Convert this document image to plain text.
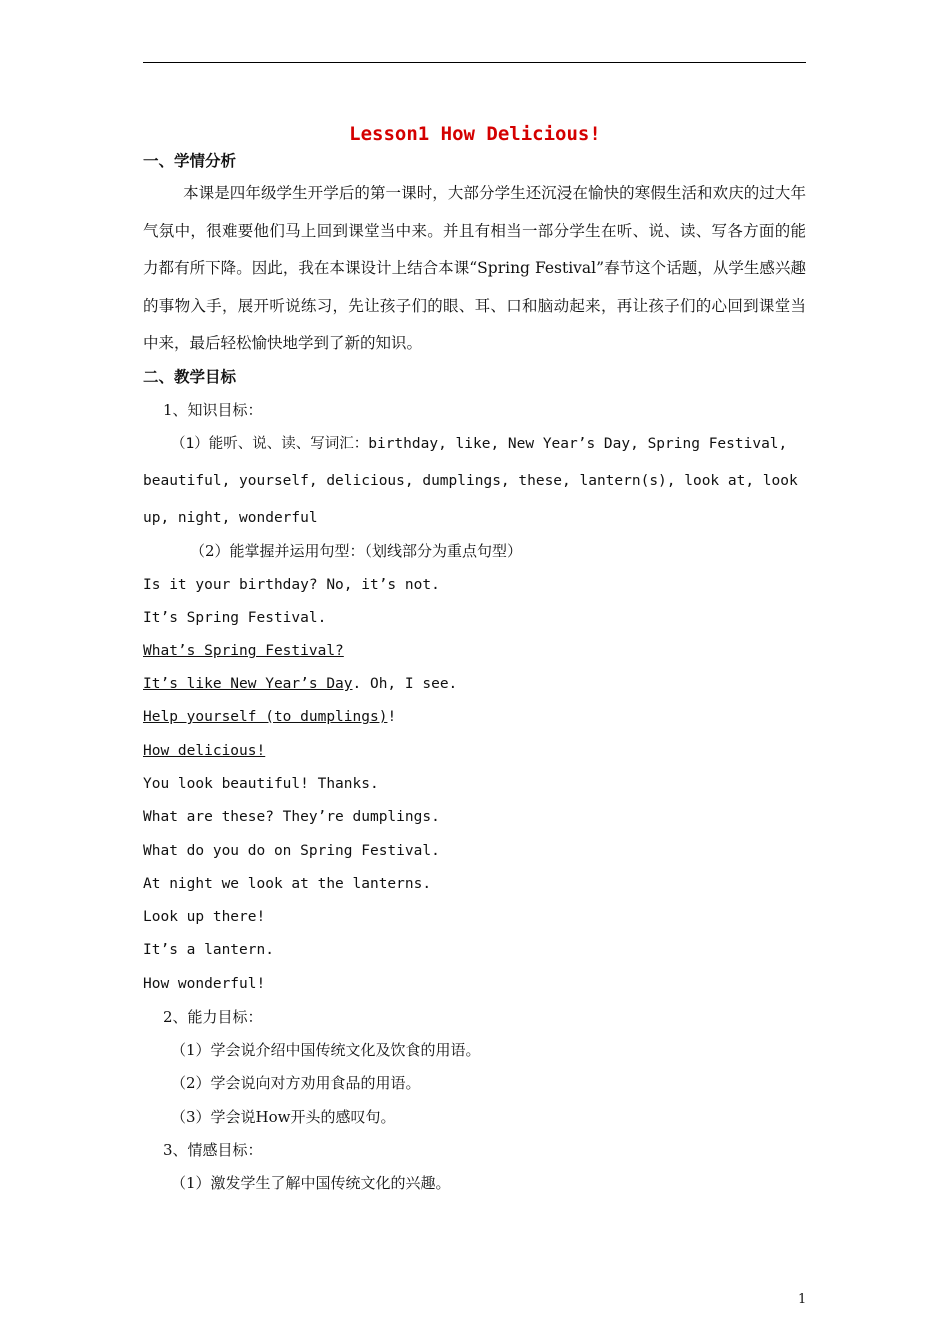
Lesson1 How Delicious!
一、学情分析
本课是四年级学生开学后的第一课时，大部分学生还沉浸在愉快的寒假生活和欢庆的过大年气氛中，很难要他们马上回到课堂当中来。并且有相当一部分学生在听、说、读、写各方面的能力都有所下降。因此，我在本课设计上结合本课“Spring Festival”春节这个话题，从学生感兴趣的事物入手，展开听说练习，先让孩子们的眼、耳、口和脑动起来，再让孩子们的心回到课堂当中来，最后轻松愉快地学到了新的知识。
二、教学目标
1、知识目标：
（1）能听、说、读、写词汇：birthday, like, New Year’s Day, Spring Festival,
beautiful, yourself, delicious, dumplings, these, lantern(s), look at, look
up, night, wonderful
（2）能掌握并运用句型：（划线部分为重点句型）
Is it your birthday? No, it’s not.
It’s Spring Festival.
What’s Spring Festival?
It’s like New Year’s Day. Oh, I see.
Help yourself (to dumplings)!
How delicious!
You look beautiful! Thanks.
What are these? They’re dumplings.
What do you do on Spring Festival.
At night we look at the lanterns.
Look up there!
It’s a lantern.
How wonderful!
2、能力目标：
（1）学会说介绍中国传统文化及饮食的用语。
（2）学会说向对方劝用食品的用语。
（3）学会说How开头的感叹句。
3、情感目标：
（1）激发学生了解中国传统文化的兴趣。
1
